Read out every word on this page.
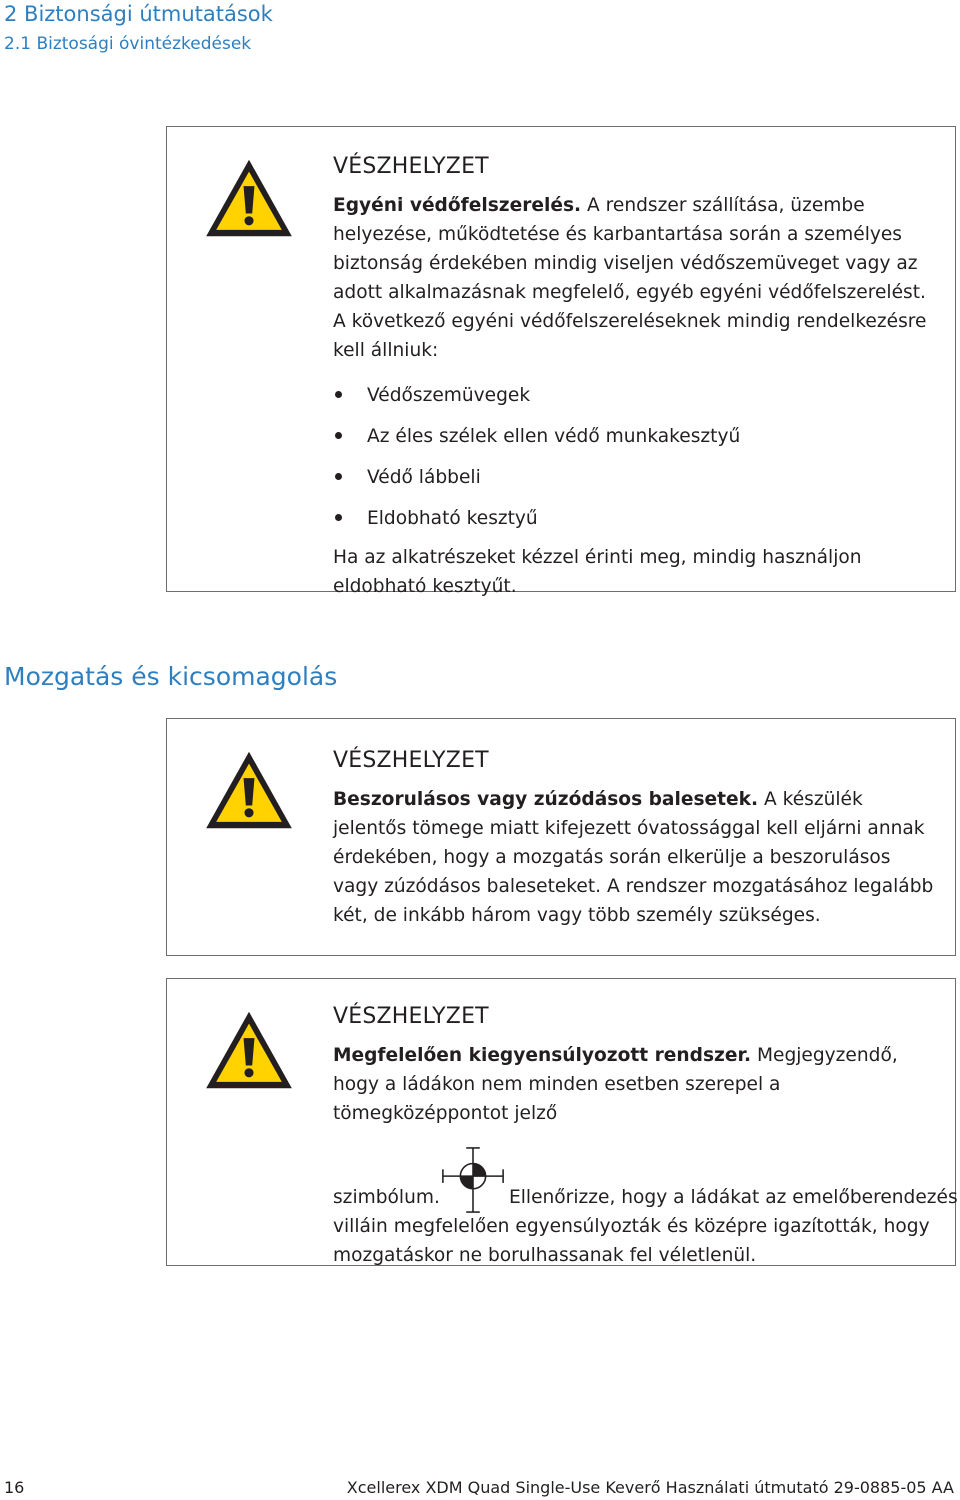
2 Biztonsági útmutatások
2.1 Biztosági óvintézkedések
VÉSZHELYZET

Egyéni védőfelszerelés. A rendszer szállítása, üzembe helyezése, működtetése és karbantartása során a személyes biztonság érdekében mindig viseljen védőszemüveget vagy az adott alkalmazásnak megfelelő, egyéb egyéni védőfelszerelést. A következő egyéni védőfelszereléseknek mindig rendelkezésre kell állniuk:

Védőszemüvegek
Az éles szélek ellen védő munkakesztyű
Védő lábbeli
Eldobható kesztyű

Ha az alkatrészeket kézzel érinti meg, mindig használjon eldobható kesztyűt.

Mozgatás és kicsomagolás
VÉSZHELYZET

Beszorulásos vagy zúzódásos balesetek. A készülék jelentős tömege miatt kifejezett óvatossággal kell eljárni annak érdekében, hogy a mozgatás során elkerülje a beszorulásos vagy zúzódásos baleseteket. A rendszer mozgatásához legalább két, de inkább három vagy több személy szükséges.

VÉSZHELYZET

Megfelelően kiegyensúlyozott rendszer. Megjegyzendő, hogy a ládákon nem minden esetben szerepel a tömegközéppontot jelző

szimbólum.	Ellenőrizze, hogy a ládákat az emelőberendezés

villáin megfelelően egyensúlyozták és középre igazították, hogy mozgatáskor ne borulhassanak fel véletlenül.

16	Xcellerex XDM Quad Single-Use Keverő Használati útmutató 29-0885-05 AA
